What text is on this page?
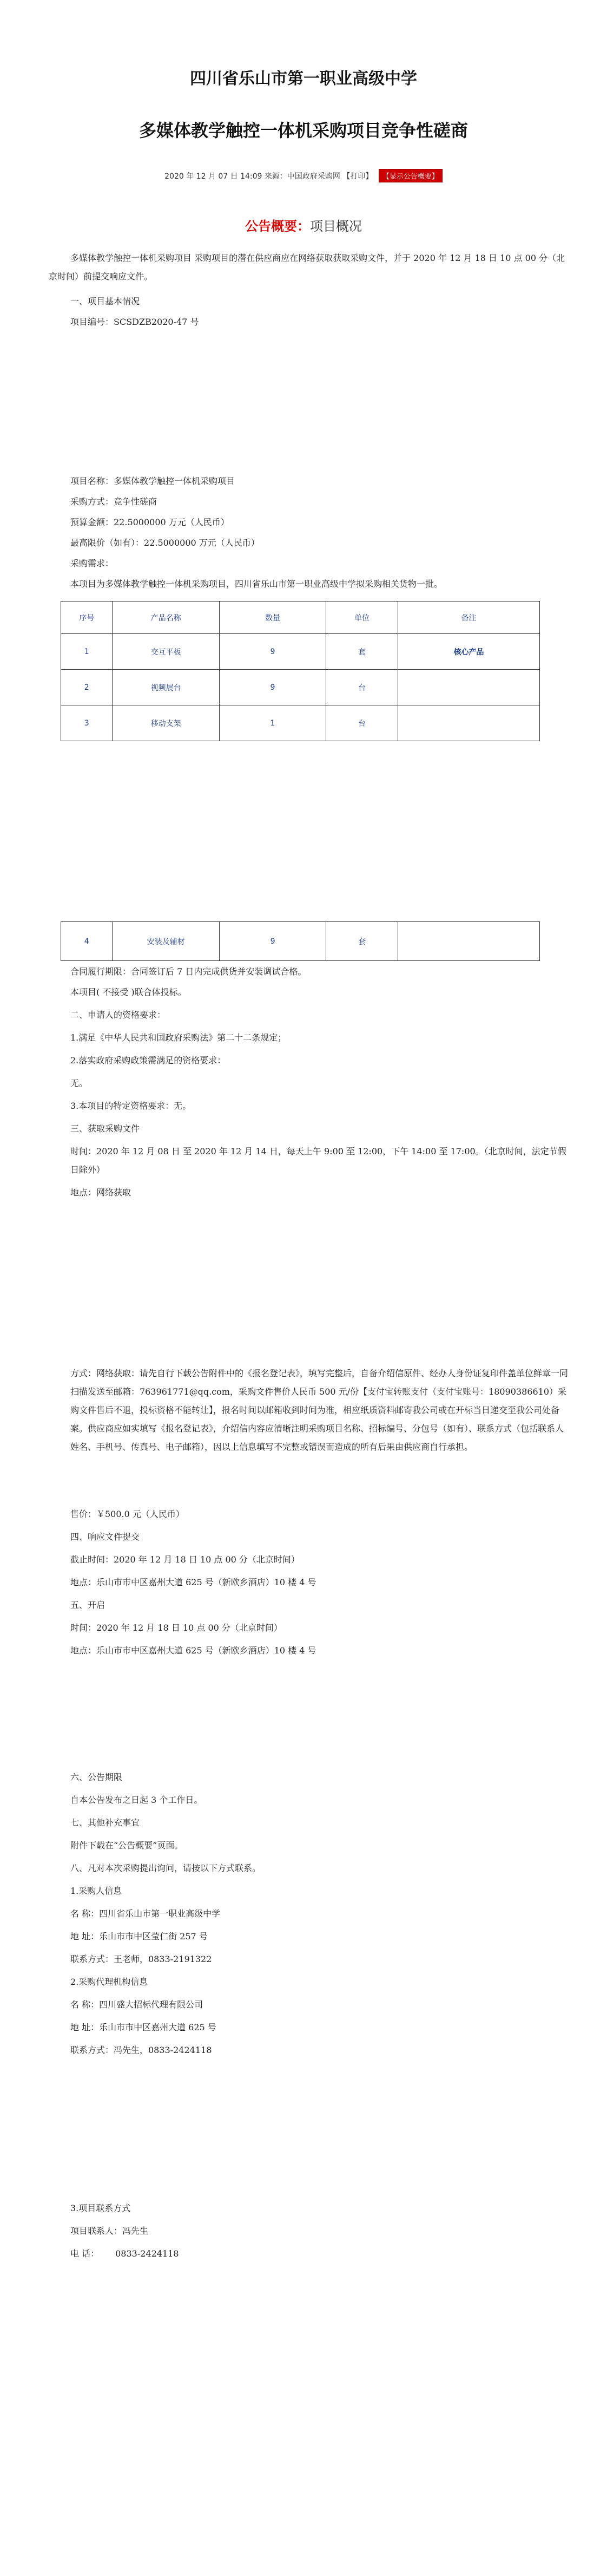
四川省乐山市第一职业高级中学
多媒体教学触控一体机采购项目竞争性磋商
2020 年 12 月 07 日 14:09 来源：中国政府采购网 【打印】 【显示公告概要】
公告概要：项目概况
多媒体教学触控一体机采购项目 采购项目的潜在供应商应在网络获取获取采购文件，并于 2020 年 12 月 18 日 10 点 00 分（北京时间）前提交响应文件。
一、项目基本情况
项目编号：SCSDZB2020-47 号
项目名称：多媒体教学触控一体机采购项目
采购方式：竞争性磋商
预算金额：22.5000000 万元（人民币）
最高限价（如有）：22.5000000 万元（人民币）
采购需求：
本项目为多媒体教学触控一体机采购项目，四川省乐山市第一职业高级中学拟采购相关货物一批。
序号	产品名称	数量	单位	备注
1	交互平板	9	套	核心产品
2	视频展台	9	台	
3	移动支架	1	台	
4	安装及辅材	9	套	
合同履行期限：合同签订后 7 日内完成供货并安装调试合格。
本项目( 不接受 )联合体投标。
二、申请人的资格要求：
1.满足《中华人民共和国政府采购法》第二十二条规定；
2.落实政府采购政策需满足的资格要求：
无。
3.本项目的特定资格要求：无。
三、获取采购文件
时间：2020 年 12 月 08 日 至 2020 年 12 月 14 日，每天上午 9:00 至 12:00，下午 14:00 至 17:00。（北京时间，法定节假日除外）
地点：网络获取
方式：网络获取：请先自行下载公告附件中的《报名登记表》，填写完整后，自备介绍信原件、经办人身份证复印件盖单位鲜章一同扫描发送至邮箱：763961771@qq.com，采购文件售价人民币 500 元/份【支付宝转账支付（支付宝账号：18090386610）采购文件售后不退，投标资格不能转让】，报名时间以邮箱收到时间为准，相应纸质资料邮寄我公司或在开标当日递交至我公司处备案。供应商应如实填写《报名登记表》，介绍信内容应清晰注明采购项目名称、招标编号、分包号（如有）、联系方式（包括联系人姓名、手机号、传真号、电子邮箱），因以上信息填写不完整或错误而造成的所有后果由供应商自行承担。
售价：￥500.0 元（人民币）
四、响应文件提交
截止时间：2020 年 12 月 18 日 10 点 00 分（北京时间）
地点：乐山市市中区嘉州大道 625 号（新欧乡酒店）10 楼 4 号
五、开启
时间：2020 年 12 月 18 日 10 点 00 分（北京时间）
地点：乐山市市中区嘉州大道 625 号（新欧乡酒店）10 楼 4 号
六、公告期限
自本公告发布之日起 3 个工作日。
七、其他补充事宜
附件下载在“公告概要”页面。
八、凡对本次采购提出询问，请按以下方式联系。
1.采购人信息
名 称：四川省乐山市第一职业高级中学
地 址：乐山市市中区莹仁街 257 号
联系方式：王老师，0833-2191322
2.采购代理机构信息
名 称：四川盛大招标代理有限公司
地 址：乐山市市中区嘉州大道 625 号
联系方式：冯先生，0833-2424118
3.项目联系方式
项目联系人：冯先生
电 话： 0833-2424118
